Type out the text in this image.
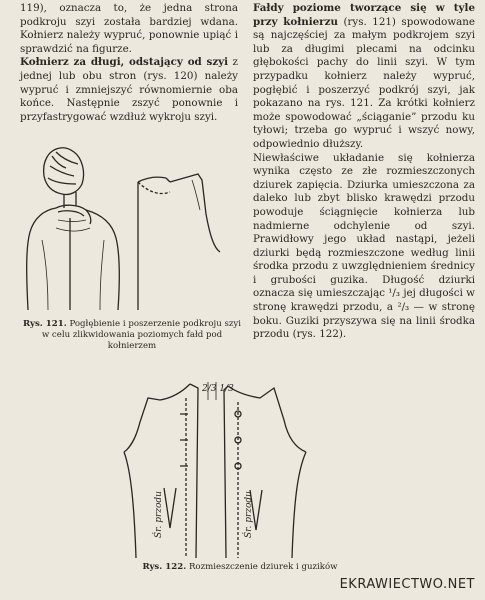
119), oznacza to, że jedna strona podkroju szyi została bardziej wdana. Kołnierz należy wypruć, ponownie upiąć i sprawdzić na figurze.

Kołnierz za długi, odstający od szyi z jednej lub obu stron (rys. 120) należy wypruć i zmniejszyć równomiernie oba końce. Następnie zszyć ponownie i przyfastrygować wzdłuż wykroju szyi.

Rys. 121. Pogłębienie i poszerzenie podkroju szyi w celu zlikwidowania poziomych fałd pod kołnierzem

Fałdy poziome tworzące się w tyle przy kołnierzu (rys. 121) spowodowane są najczęściej za małym podkrojem szyi lub za długimi plecami na odcinku głębokości pachy do linii szyi. W tym przypadku kołnierz należy wypruć, pogłębić i poszerzyć podkrój szyi, jak pokazano na rys. 121. Za krótki kołnierz może spowodować „ściąganie” przodu ku tyłowi; trzeba go wypruć i wszyć nowy, odpowiednio dłuższy.

Niewłaściwe układanie się kołnierza wynika często ze złe rozmieszczonych dziurek zapięcia. Dziurka umieszczona za daleko lub zbyt blisko krawędzi przodu powoduje ściągnięcie kołnierza lub nadmierne odchylenie od szyi. Prawidłowy jego układ nastąpi, jeżeli dziurki będą rozmieszczone według linii środka przodu z uwzględnieniem średnicy i grubości guzika. Długość dziurki oznacza się umieszczając ¹/₃ jej długości w stronę krawędzi przodu, a ²/₃ — w stronę boku. Guziki przyszywa się na linii środka przodu (rys. 122).

2/3 1/3
Śr. przodu	Śr. przodu

Rys. 122. Rozmieszczenie dziurek i guzików

EKRAWIECTWO.NET
